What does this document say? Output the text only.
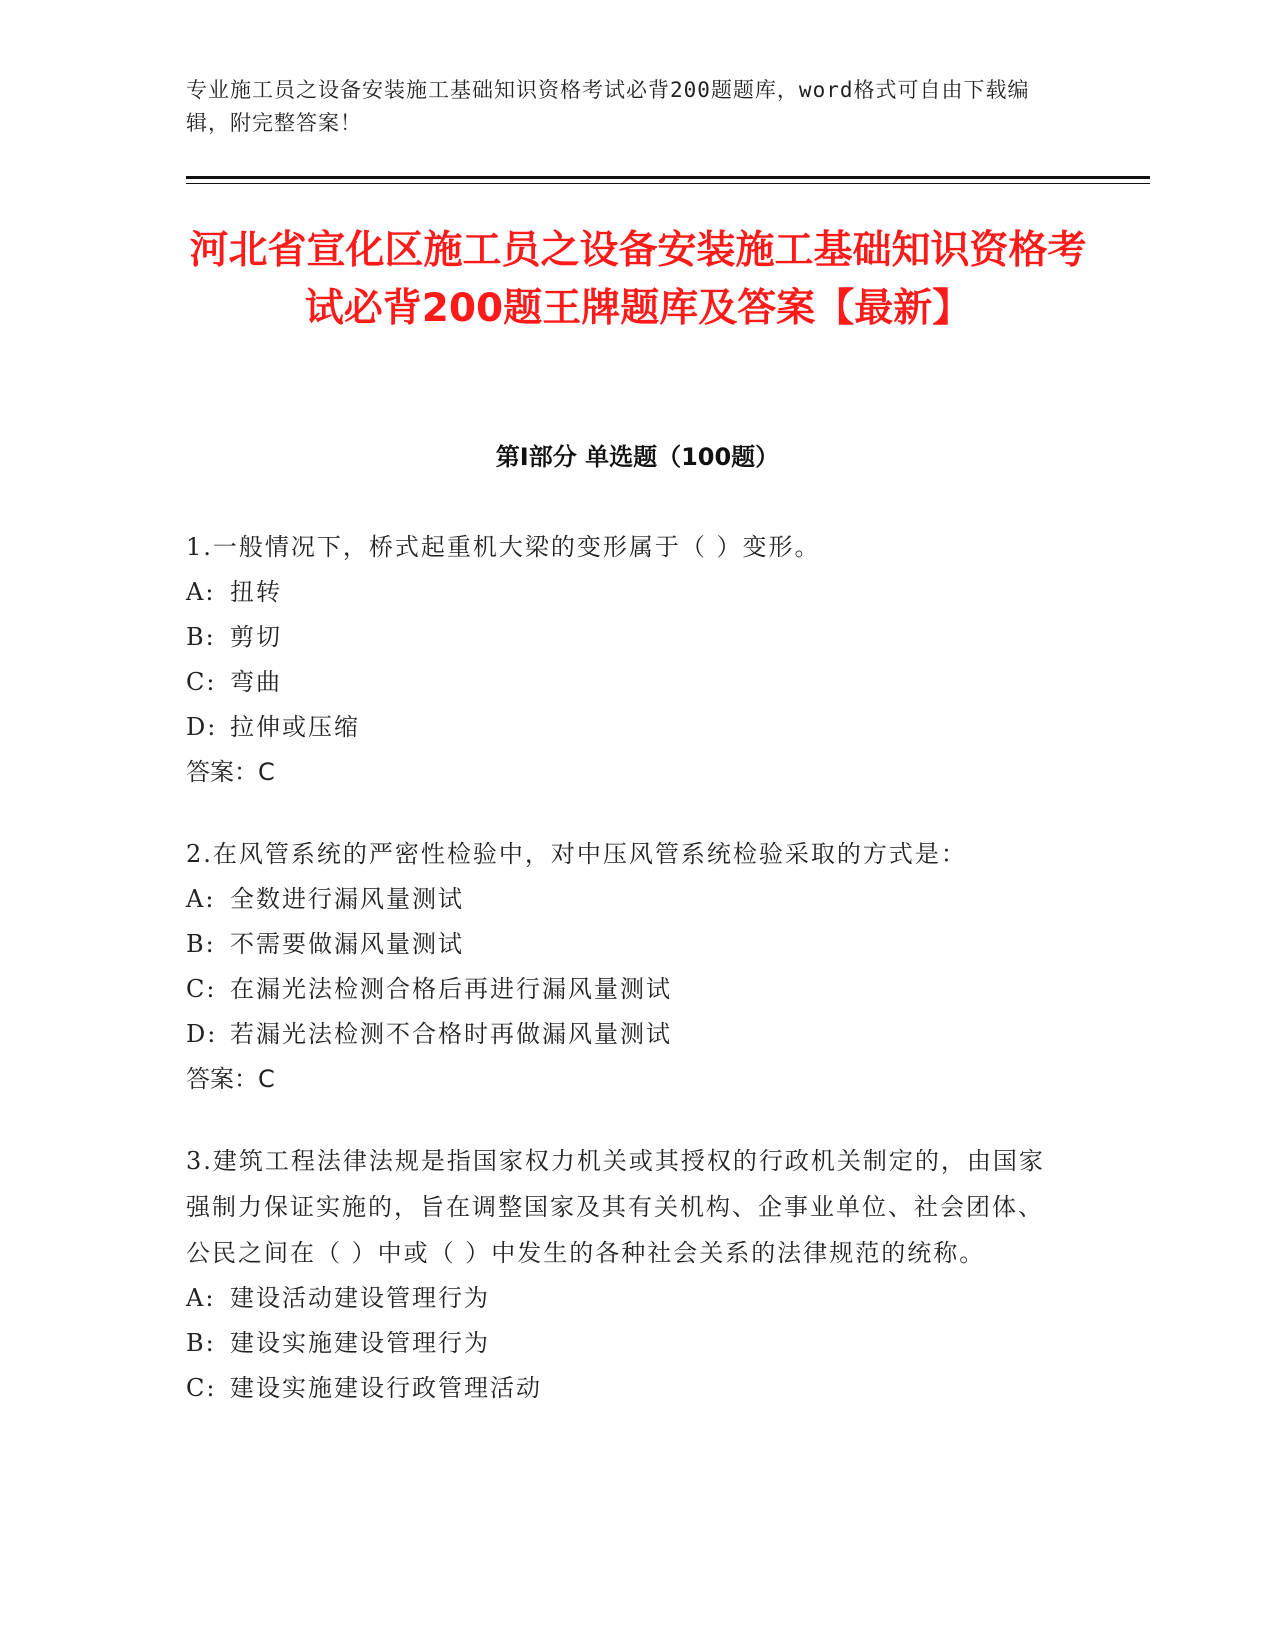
专业施工员之设备安装施工基础知识资格考试必背200题题库，word格式可自由下载编辑，附完整答案！
河北省宣化区施工员之设备安装施工基础知识资格考试必背200题王牌题库及答案【最新】
第I部分 单选题（100题）
1.一般情况下，桥式起重机大梁的变形属于（ ）变形。
A: 扭转
B: 剪切
C: 弯曲
D: 拉伸或压缩
答案：C
2.在风管系统的严密性检验中，对中压风管系统检验采取的方式是：
A: 全数进行漏风量测试
B: 不需要做漏风量测试
C: 在漏光法检测合格后再进行漏风量测试
D: 若漏光法检测不合格时再做漏风量测试
答案：C
3.建筑工程法律法规是指国家权力机关或其授权的行政机关制定的，由国家强制力保证实施的，旨在调整国家及其有关机构、企事业单位、社会团体、公民之间在（ ）中或（ ）中发生的各种社会关系的法律规范的统称。
A: 建设活动建设管理行为
B: 建设实施建设管理行为
C: 建设实施建设行政管理活动
